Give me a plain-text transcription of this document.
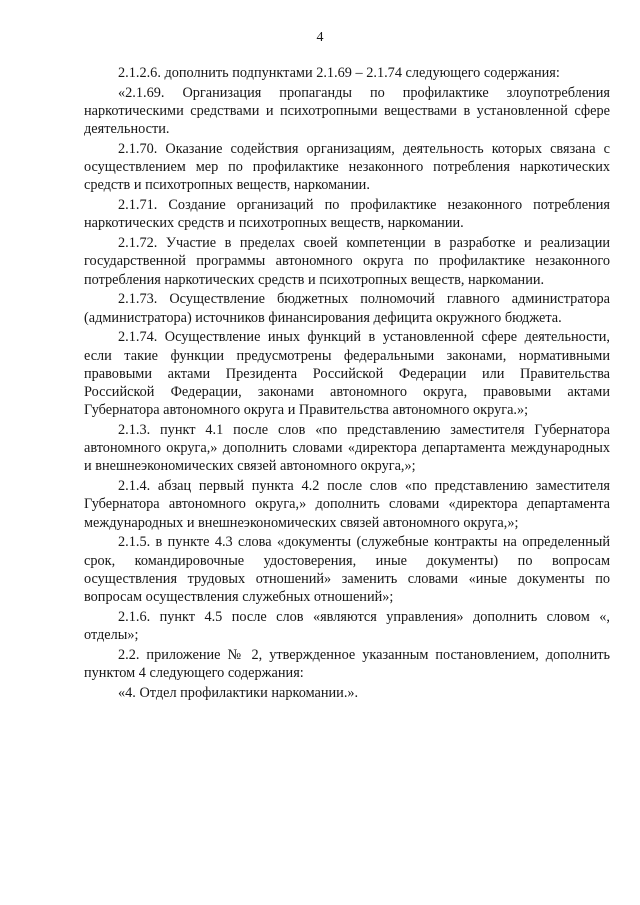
4

2.1.2.6. дополнить подпунктами 2.1.69 – 2.1.74 следующего содержания:

«2.1.69. Организация пропаганды по профилактике злоупотребления наркотическими средствами и психотропными веществами в установленной сфере деятельности.

2.1.70. Оказание содействия организациям, деятельность которых связана с осуществлением мер по профилактике незаконного потребления наркотических средств и психотропных веществ, наркомании.

2.1.71. Создание организаций по профилактике незаконного потребления наркотических средств и психотропных веществ, наркомании.

2.1.72. Участие в пределах своей компетенции в разработке и реализации государственной программы автономного округа по профилактике незаконного потребления наркотических средств и психотропных веществ, наркомании.

2.1.73. Осуществление бюджетных полномочий главного администратора (администратора) источников финансирования дефицита окружного бюджета.

2.1.74. Осуществление иных функций в установленной сфере деятельности, если такие функции предусмотрены федеральными законами, нормативными правовыми актами Президента Российской Федерации или Правительства Российской Федерации, законами автономного округа, правовыми актами Губернатора автономного округа и Правительства автономного округа.»;

2.1.3. пункт 4.1 после слов «по представлению заместителя Губернатора автономного округа,» дополнить словами «директора департамента международных и внешнеэкономических связей автономного округа,»;

2.1.4. абзац первый пункта 4.2 после слов «по представлению заместителя Губернатора автономного округа,» дополнить словами «директора департамента международных и внешнеэкономических связей автономного округа,»;

2.1.5. в пункте 4.3 слова «документы (служебные контракты на определенный срок, командировочные удостоверения, иные документы) по вопросам осуществления трудовых отношений» заменить словами «иные документы по вопросам осуществления служебных отношений»;

2.1.6. пункт 4.5 после слов «являются управления» дополнить словом «, отделы»;

2.2. приложение № 2, утвержденное указанным постановлением, дополнить пунктом 4 следующего содержания:

«4. Отдел профилактики наркомании.».
